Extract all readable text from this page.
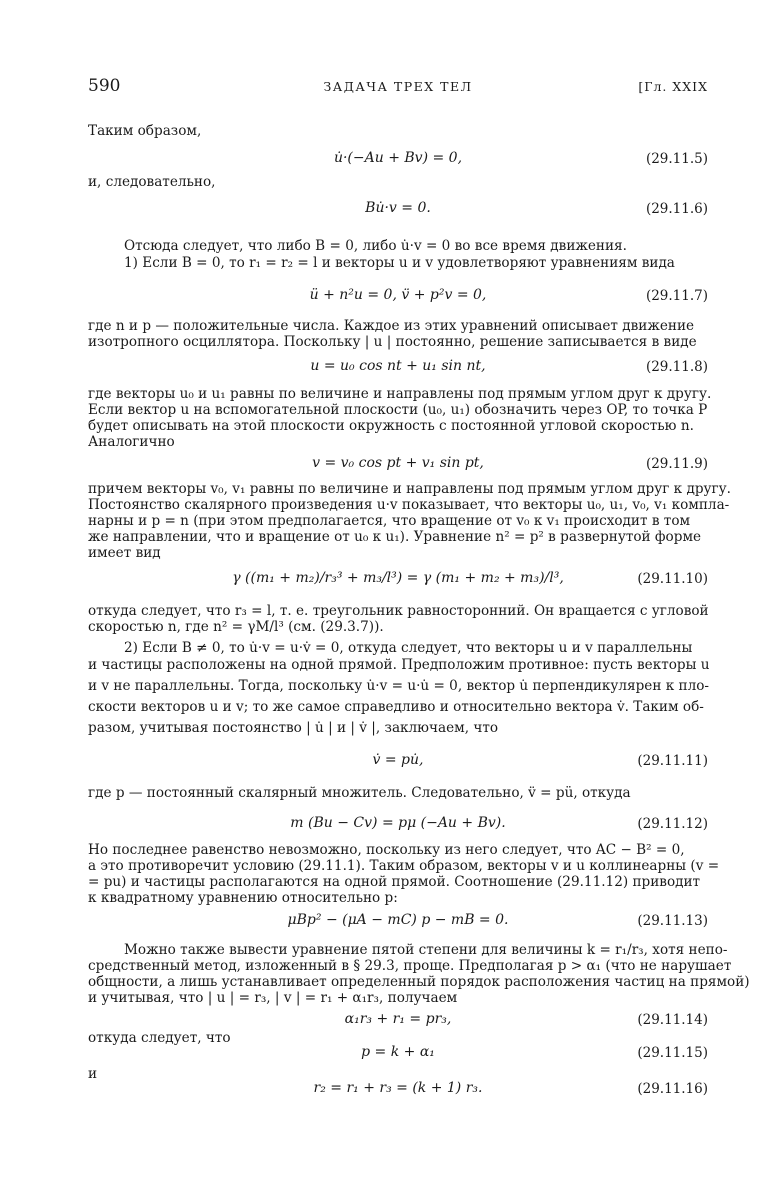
590	ЗАДАЧА ТРЕХ ТЕЛ	[Гл. XXIX
Таким образом,
u̇·(−Au + Bv) = 0,	(29.11.5)
и, следовательно,
Bu̇·v = 0.	(29.11.6)
Отсюда следует, что либо B = 0, либо u̇·v = 0 во все время движения.
1) Если B = 0, то r₁ = r₂ = l и векторы u и v удовлетворяют уравнениям вида
ü + n²u = 0, v̈ + p²v = 0,	(29.11.7)
где n и p — положительные числа. Каждое из этих уравнений описывает движение
изотропного осциллятора. Поскольку | u | постоянно, решение записывается в виде
u = u₀ cos nt + u₁ sin nt,	(29.11.8)
где векторы u₀ и u₁ равны по величине и направлены под прямым углом друг к другу.
Если вектор u на вспомогательной плоскости (u₀, u₁) обозначить через OP, то точка P
будет описывать на этой плоскости окружность с постоянной угловой скоростью n.
Аналогично
v = v₀ cos pt + v₁ sin pt,	(29.11.9)
причем векторы v₀, v₁ равны по величине и направлены под прямым углом друг к другу.
Постоянство скалярного произведения u·v показывает, что векторы u₀, u₁, v₀, v₁ компла-
нарны и p = n (при этом предполагается, что вращение от v₀ к v₁ происходит в том
же направлении, что и вращение от u₀ к u₁). Уравнение n² = p² в развернутой форме
имеет вид
γ ((m₁ + m₂)/r₃³ + m₃/l³) = γ (m₁ + m₂ + m₃)/l³,	(29.11.10)
откуда следует, что r₃ = l, т. е. треугольник равносторонний. Он вращается с угловой
скоростью n, где n² = γM/l³ (см. (29.3.7)).
2) Если B ≠ 0, то u̇·v = u·v̇ = 0, откуда следует, что векторы u и v параллельны
и частицы расположены на одной прямой. Предположим противное: пусть векторы u
и v не параллельны. Тогда, поскольку u̇·v = u·u̇ = 0, вектор u̇ перпендикулярен к пло-
скости векторов u и v; то же самое справедливо и относительно вектора v̇. Таким об-
разом, учитывая постоянство | u̇ | и | v̇ |, заключаем, что
v̇ = pu̇,	(29.11.11)
где p — постоянный скалярный множитель. Следовательно, v̈ = pü, откуда
m (Bu − Cv) = pμ (−Au + Bv).	(29.11.12)
Но последнее равенство невозможно, поскольку из него следует, что AC − B² = 0,
а это противоречит условию (29.11.1). Таким образом, векторы v и u коллинеарны (v =
= pu) и частицы располагаются на одной прямой. Соотношение (29.11.12) приводит
к квадратному уравнению относительно p:
μBp² − (μA − mC) p − mB = 0.	(29.11.13)
Можно также вывести уравнение пятой степени для величины k = r₁/r₃, хотя непо-
средственный метод, изложенный в § 29.3, проще. Предполагая p > α₁ (что не нарушает
общности, а лишь устанавливает определенный порядок расположения частиц на прямой)
и учитывая, что | u | = r₃, | v | = r₁ + α₁r₃, получаем
α₁r₃ + r₁ = pr₃,	(29.11.14)
откуда следует, что
p = k + α₁	(29.11.15)
и
r₂ = r₁ + r₃ = (k + 1) r₃.	(29.11.16)
